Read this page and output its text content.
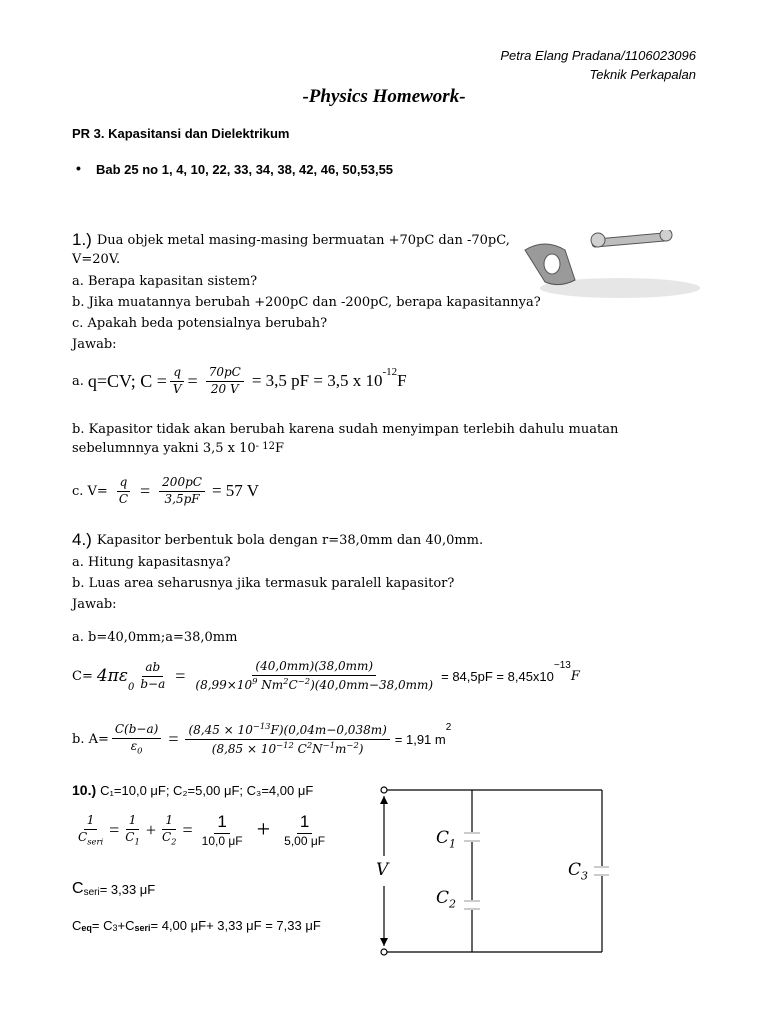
Petra Elang Pradana/1106023096
Teknik Perkapalan
-Physics Homework-
PR 3. Kapasitansi dan Dielektrikum
• Bab 25 no 1, 4, 10, 22, 33, 34, 38, 42, 46, 50,53,55
1.) Dua objek metal masing-masing bermuatan +70pC dan -70pC,
V=20V.
a. Berapa kapasitan sistem?
b. Jika muatannya berubah +200pC dan -200pC, berapa kapasitannya?
c. Apakah beda potensialnya berubah?
Jawab:
a. q=CV; $C = \frac{q}{V} = \frac{70pC}{20 V} = 3,5$ pF = 3,5 x $10^{-12}$ F
b. Kapasitor tidak akan berubah karena sudah menyimpan terlebih dahulu muatan
sebelumnnya yakni 3,5 x 10 - 12 F
c. $V= \frac{q}{C} = \frac{200pC}{3,5pF} = 57$ V
4.) Kapasitor berbentuk bola dengan r=38,0mm dan 40,0mm.
a. Hitung kapasitasnya?
b. Luas area seharusnya jika termasuk paralell kapasitor?
Jawab:
a. b=40,0mm;a=38,0mm
C= 4πε
$_0 \frac{ab}{b-a} = \frac{(40,0mm)(38,0mm)}{(8,99\times 10^9 Nm^2C^{-2})(40,0mm-38,0mm)} = 84,5pF = 8,45x10$
$^{-13}$
F
b. $A= \frac{C(b-a)}{\varepsilon_0} = \frac{(8,45 \times 10^{-13}F)(0,04m-0,038m)}{(8,85 \times 10^{-12} C^2N^{-1}m^{-2})} = 1,91$ m
$^2$
10.) C₁=10,0 μF; C₂=5,00 μF; C₃=4,00 μF
$\frac{1}{C_{seri}} = \frac{1}{C_1} + \frac{1}{C_2} = \frac{1}{10,0 \mu F} + \frac{1}{5,00 \mu F}$
$C_{seri} = 3,33$ μF
C eq = C 3 +C seri = 4,00 μF+ 3,33 μF = 7,33 μF
$C_1$
$C_2$
$C_3$
V
